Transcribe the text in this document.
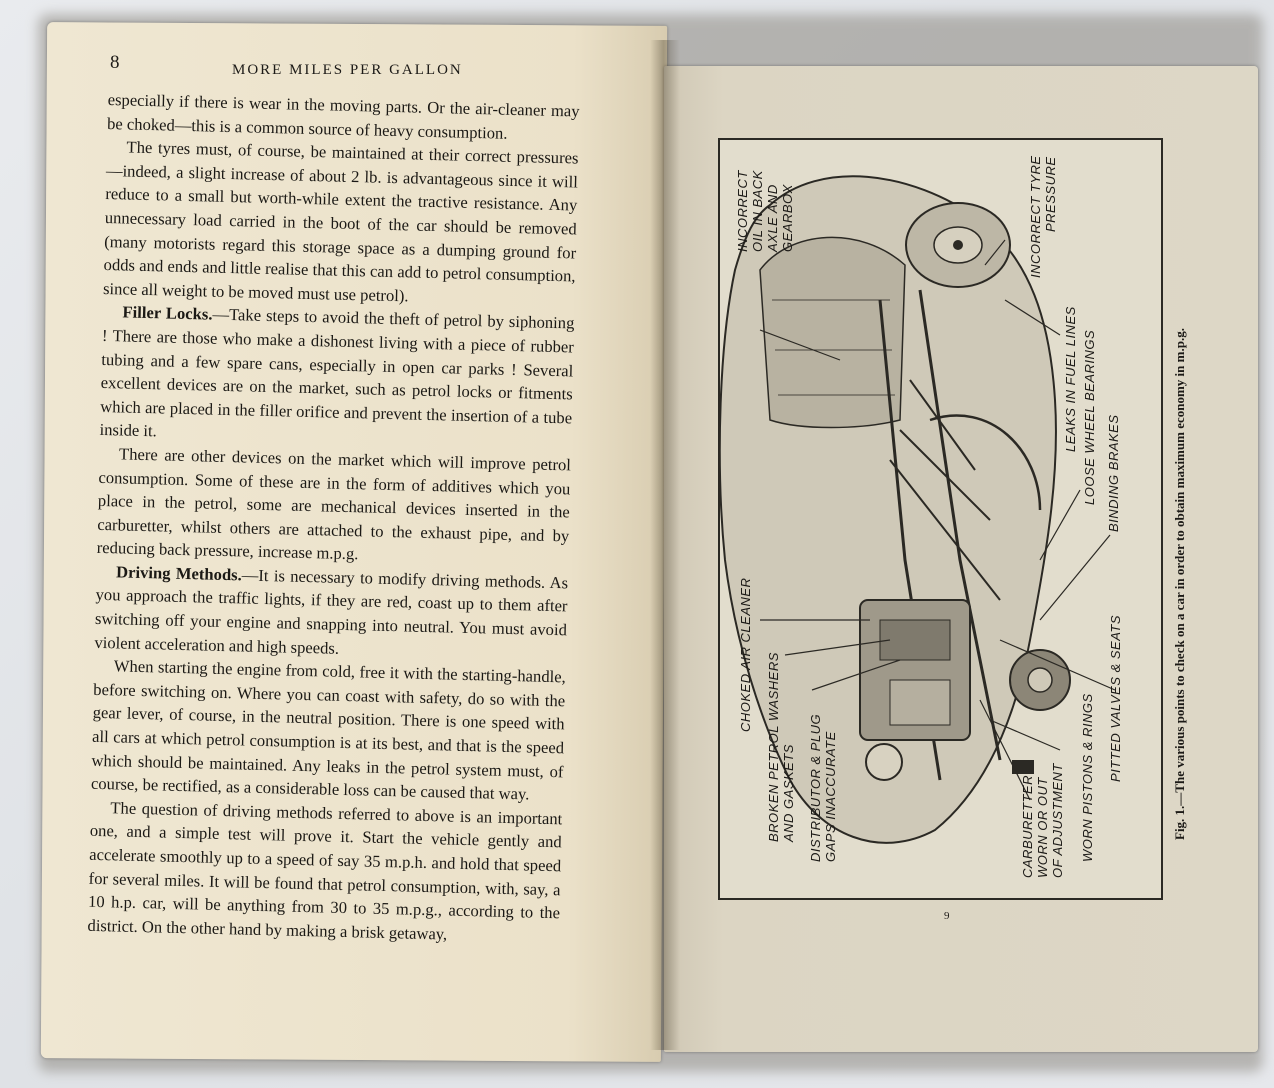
8	MORE MILES PER GALLON

especially if there is wear in the moving parts. Or the air-cleaner may be choked—this is a common source of heavy consumption.

The tyres must, of course, be maintained at their correct pressures—indeed, a slight increase of about 2 lb. is advantageous since it will reduce to a small but worth-while extent the tractive resistance. Any unnecessary load carried in the boot of the car should be removed (many motorists regard this storage space as a dumping ground for odds and ends and little realise that this can add to petrol consumption, since all weight to be moved must use petrol).

Filler Locks.—Take steps to avoid the theft of petrol by siphoning ! There are those who make a dishonest living with a piece of rubber tubing and a few spare cans, especially in open car parks ! Several excellent devices are on the market, such as petrol locks or fitments which are placed in the filler orifice and prevent the insertion of a tube inside it.

There are other devices on the market which will improve petrol consumption. Some of these are in the form of additives which you place in the petrol, some are mechanical devices inserted in the carburetter, whilst others are attached to the exhaust pipe, and by reducing back pressure, increase m.p.g.

Driving Methods.—It is necessary to modify driving methods. As you approach the traffic lights, if they are red, coast up to them after switching off your engine and snapping into neutral. You must avoid violent acceleration and high speeds.

When starting the engine from cold, free it with the starting-handle, before switching on. Where you can coast with safety, do so with the gear lever, of course, in the neutral position. There is one speed with all cars at which petrol consumption is at its best, and that is the speed which should be maintained. Any leaks in the petrol system must, of course, be rectified, as a considerable loss can be caused that way.

The question of driving methods referred to above is an important one, and a simple test will prove it. Start the vehicle gently and accelerate smoothly up to a speed of say 35 m.p.h. and hold that speed for several miles. It will be found that petrol consumption, with, say, a 10 h.p. car, will be anything from 30 to 35 m.p.g., according to the district. On the other hand by making a brisk getaway,

INCORRECT OIL IN BACK AXLE AND GEARBOX	INCORRECT TYRE PRESSURE
LEAKS IN FUEL LINES LOOSE WHEEL BEARINGS BINDING BRAKES
CHOKED AIR CLEANER BROKEN PETROL WASHERS AND GASKETS DISTRIBUTOR & PLUG GAPS INACCURATE	CARBURETTER WORN OR OUT OF ADJUSTMENT WORN PISTONS & RINGS PITTED VALVES & SEATS	Fig. 1.—The various points to check on a car in order to obtain maximum economy in m.p.g.
9
